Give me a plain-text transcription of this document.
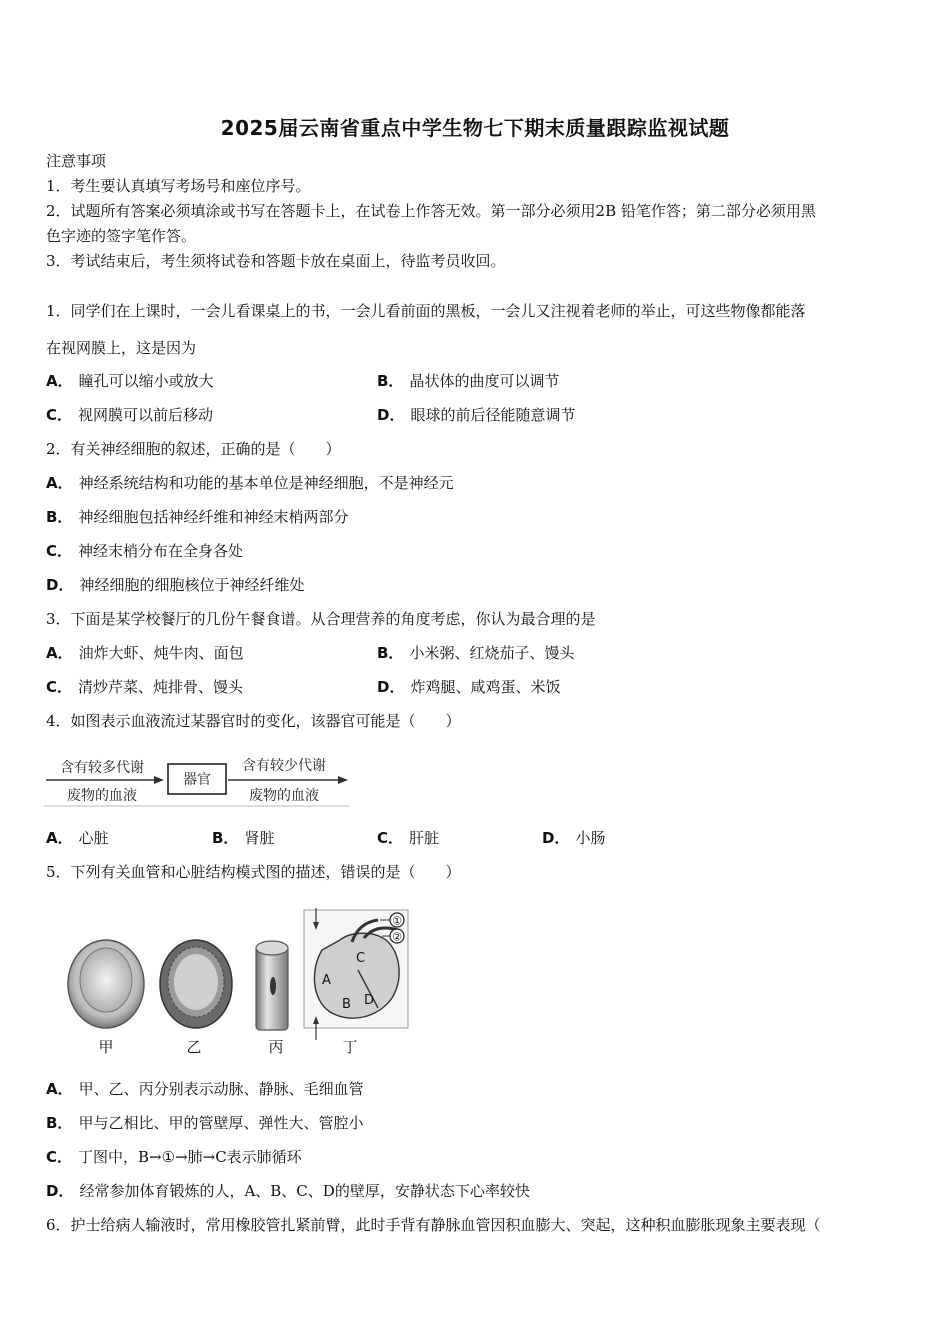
2025届云南省重点中学生物七下期末质量跟踪监视试题
注意事项
1．考生要认真填写考场号和座位序号。
2．试题所有答案必须填涂或书写在答题卡上，在试卷上作答无效。第一部分必须用2B 铅笔作答；第二部分必须用黑
色字迹的签字笔作答。
3．考试结束后，考生须将试卷和答题卡放在桌面上，待监考员收回。
1．同学们在上课时，一会儿看课桌上的书，一会儿看前面的黑板，一会儿又注视着老师的举止，可这些物像都能落
在视网膜上，这是因为
A． 瞳孔可以缩小或放大	B． 晶状体的曲度可以调节
C． 视网膜可以前后移动	D． 眼球的前后径能随意调节
2．有关神经细胞的叙述，正确的是（　　）
A． 神经系统结构和功能的基本单位是神经细胞，不是神经元
B． 神经细胞包括神经纤维和神经末梢两部分
C． 神经末梢分布在全身各处
D． 神经细胞的细胞核位于神经纤维处
3．下面是某学校餐厅的几份午餐食谱。从合理营养的角度考虑，你认为最合理的是
A． 油炸大虾、炖牛肉、面包	B． 小米粥、红烧茄子、馒头
C． 清炒芹菜、炖排骨、馒头	D． 炸鸡腿、咸鸡蛋、米饭
4．如图表示血液流过某器官时的变化，该器官可能是（　　）
含有较多代谢
废物的血液
器官
含有较少代谢
废物的血液
A． 心脏	B． 肾脏	C． 肝脏	D． 小肠
5．下列有关血管和心脏结构模式图的描述，错误的是（　　）
①
②
A
B
C
D
甲	乙	丙	丁
A． 甲、乙、丙分别表示动脉、静脉、毛细血管
B． 甲与乙相比、甲的管壁厚、弹性大、管腔小
C． 丁图中，B→①→肺→C表示肺循环
D． 经常参加体育锻炼的人，A、B、C、D的壁厚，安静状态下心率较快
6．护士给病人输液时，常用橡胶管扎紧前臂，此时手背有静脉血管因积血膨大、突起，这种积血膨胀现象主要表现（
